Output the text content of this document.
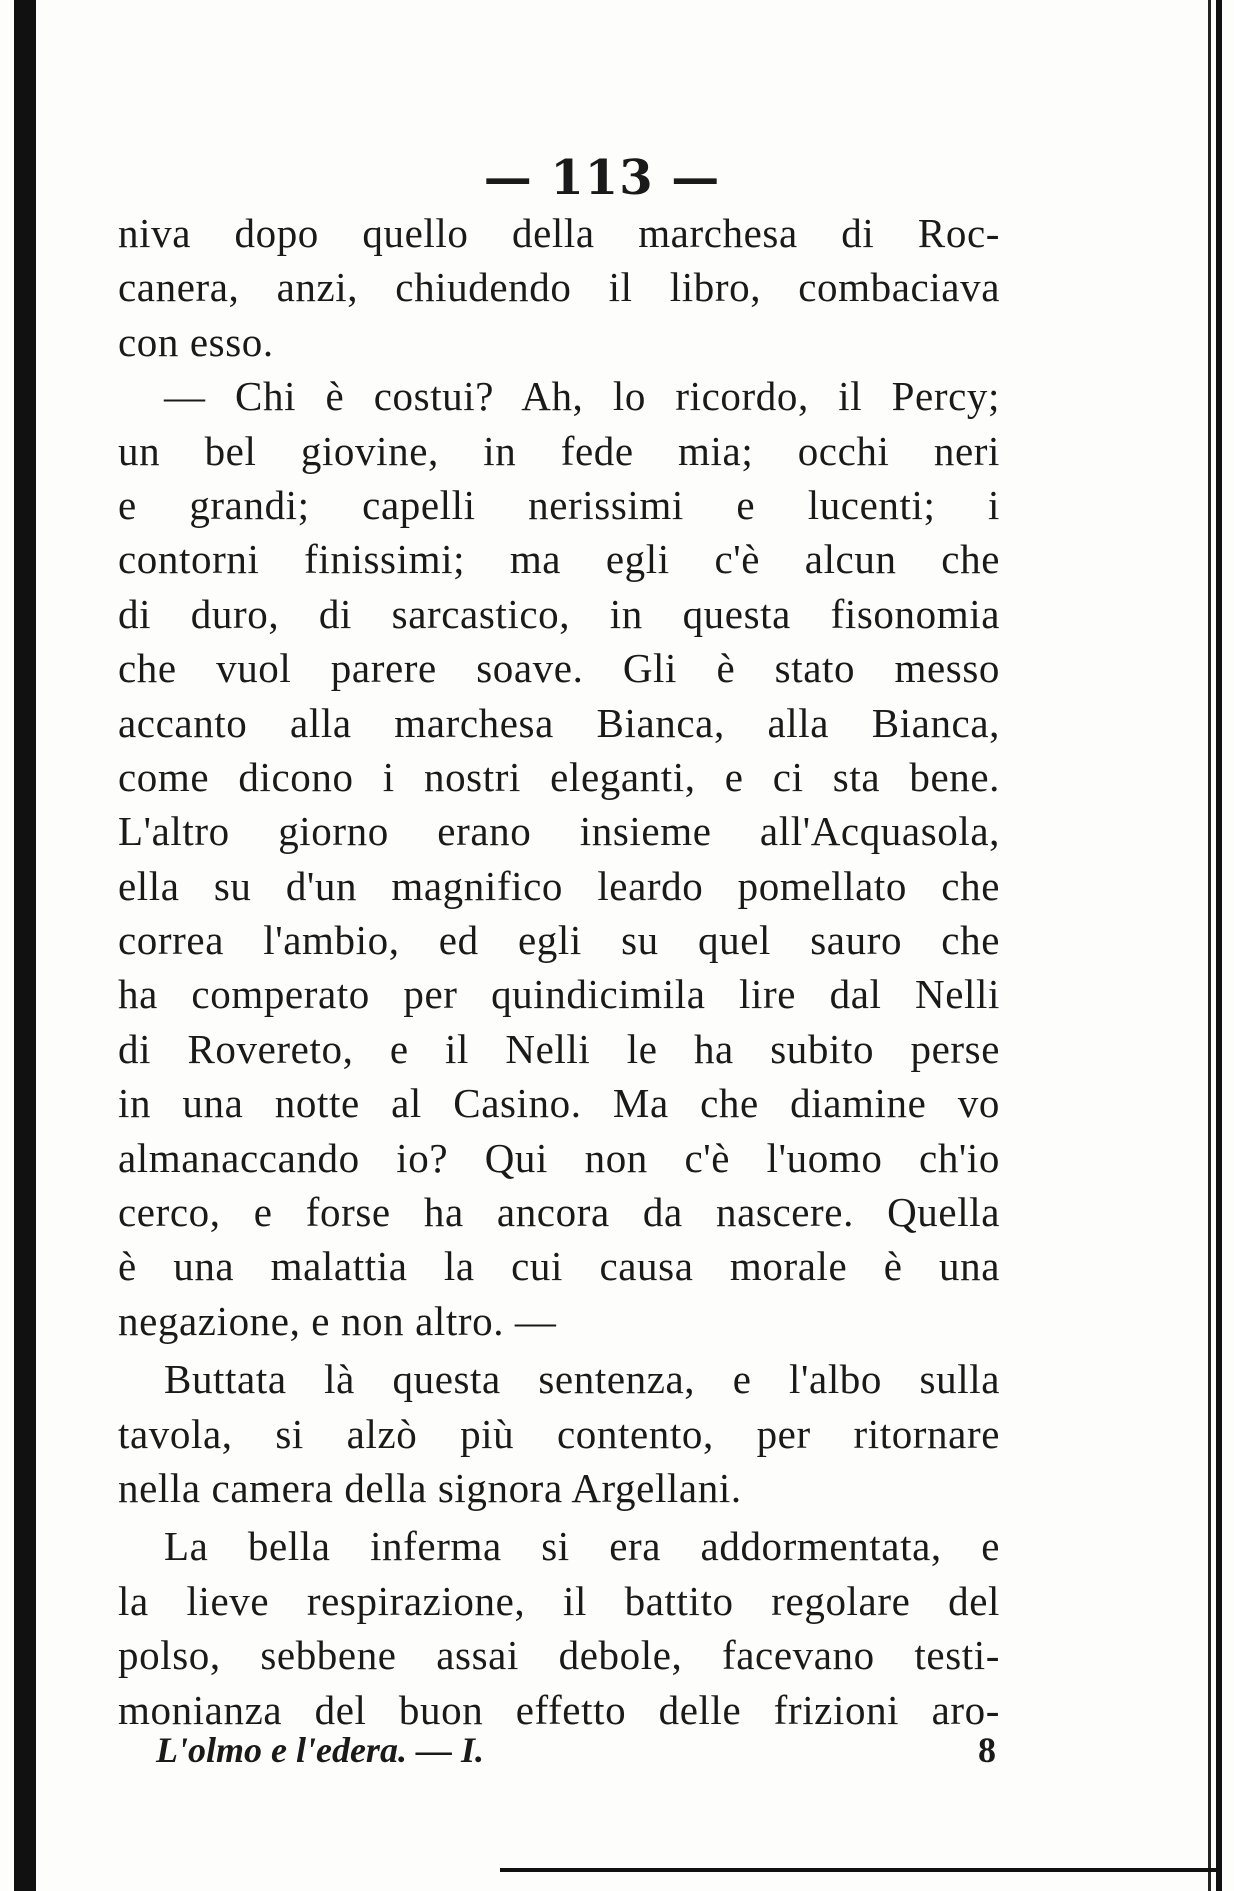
— 113 —
niva dopo quello della marchesa di Roc-
canera, anzi, chiudendo il libro, combaciava
con esso.
— Chi è costui? Ah, lo ricordo, il Percy;
un bel giovine, in fede mia; occhi neri
e grandi; capelli nerissimi e lucenti; i
contorni finissimi; ma egli c'è alcun che
di duro, di sarcastico, in questa fisonomia
che vuol parere soave. Gli è stato messo
accanto alla marchesa Bianca, alla Bianca,
come dicono i nostri eleganti, e ci sta bene.
L'altro giorno erano insieme all'Acquasola,
ella su d'un magnifico leardo pomellato che
correa l'ambio, ed egli su quel sauro che
ha comperato per quindicimila lire dal Nelli
di Rovereto, e il Nelli le ha subito perse
in una notte al Casino. Ma che diamine vo
almanaccando io? Qui non c'è l'uomo ch'io
cerco, e forse ha ancora da nascere. Quella
è una malattia la cui causa morale è una
negazione, e non altro. —
Buttata là questa sentenza, e l'albo sulla
tavola, si alzò più contento, per ritornare
nella camera della signora Argellani.
La bella inferma si era addormentata, e
la lieve respirazione, il battito regolare del
polso, sebbene assai debole, facevano testi-
monianza del buon effetto delle frizioni aro-
L'olmo e l'edera. — I.	8
